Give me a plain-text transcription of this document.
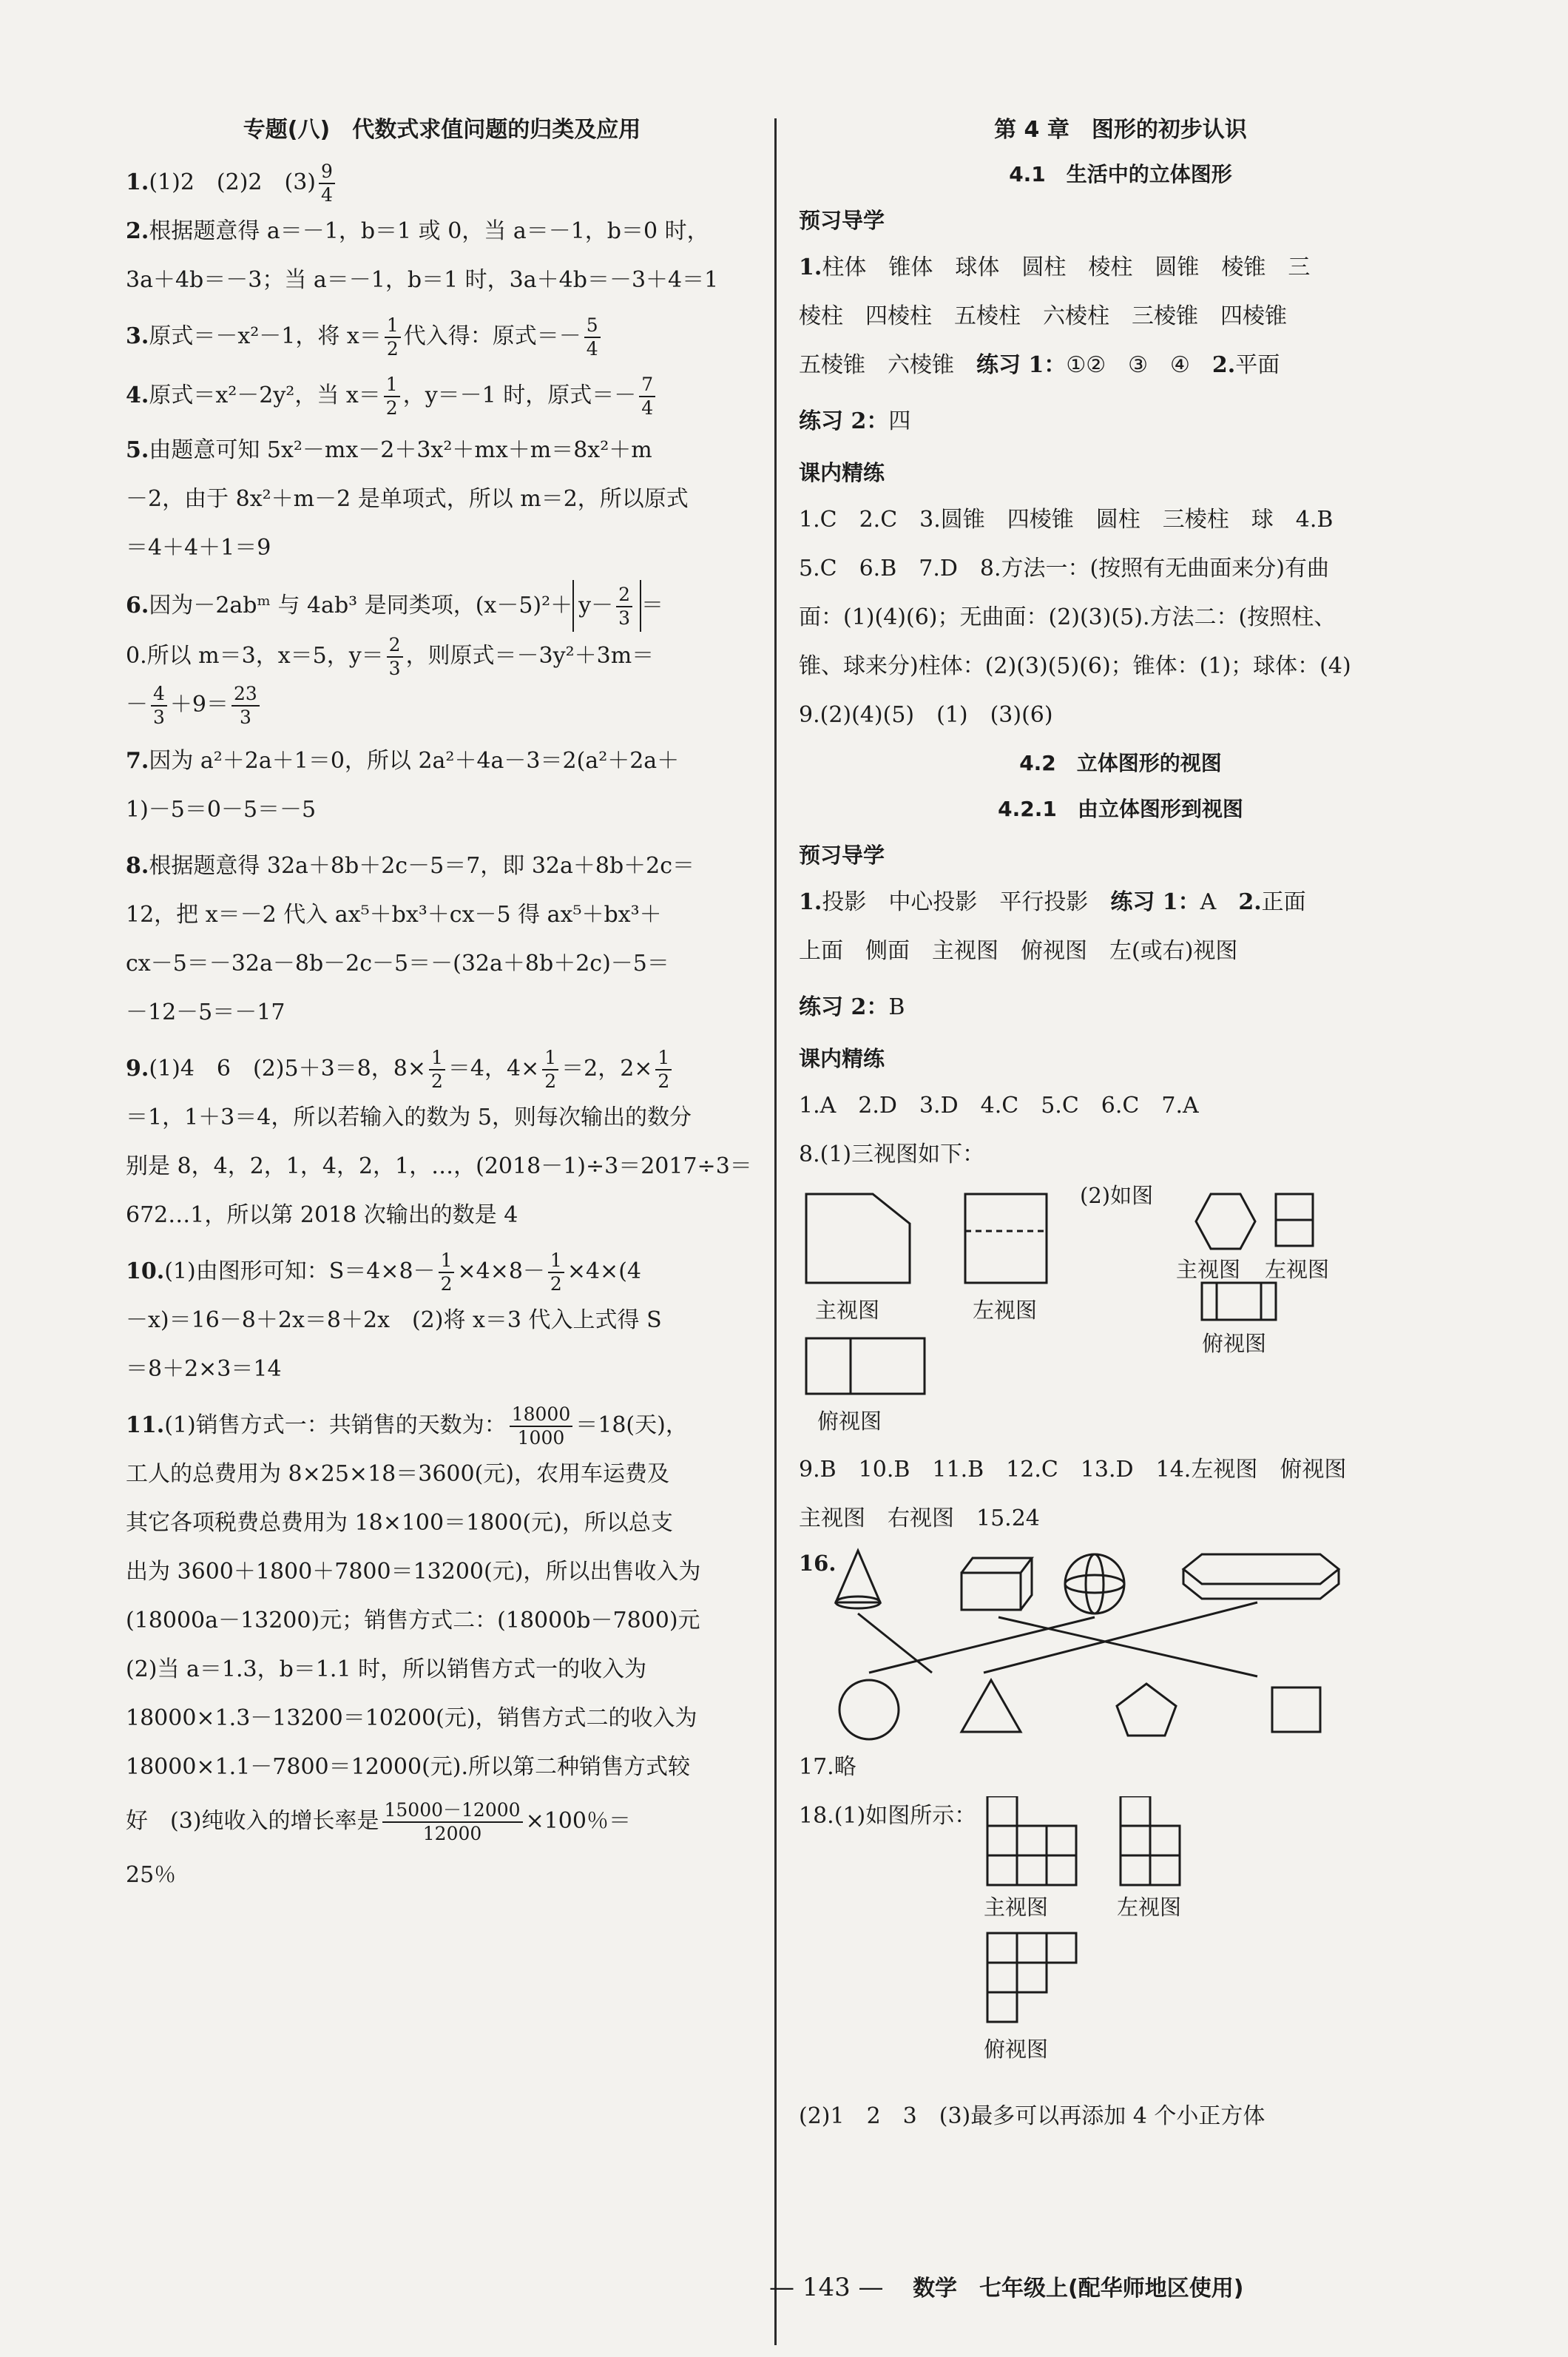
专题(八)　代数式求值问题的归类及应用
1.(1)2　(2)2　$(3) \frac{9}{4}$
2.根据题意得 a＝－1，b＝1 或 0，当 a＝－1，b＝0 时，
3a＋4b＝－3；当 a＝－1，b＝1 时，3a＋4b＝－3＋4＝1
3.原式＝－x²－1，将 $x= \frac{1}{2}$ 代入得：原式＝－ $\frac{5}{4}$
4.原式＝x²－2y²，当 $x= \frac{1}{2}$ ，y＝－1 时，原式＝－ $\frac{7}{4}$
5.由题意可知 5x²－mx－2＋3x²＋mx＋m＝8x²＋m
－2，由于 8x²＋m－2 是单项式，所以 m＝2，所以原式
＝4＋4＋1＝9
6.因为－2abᵐ 与 4ab³ 是同类项，$(x-5)^2+ y- \frac{2}{3}$ ＝
0.所以 m＝3，x＝5，$y= \frac{2}{3}$ ，则原式＝－3y²＋3m＝
－ $\frac{4}{3} +9= \frac{23}{3}$
7.因为 a²＋2a＋1＝0，所以 2a²＋4a－3＝2(a²＋2a＋
1)－5＝0－5＝－5
8.根据题意得 32a＋8b＋2c－5＝7，即 32a＋8b＋2c＝
12，把 x＝－2 代入 ax⁵＋bx³＋cx－5 得 ax⁵＋bx³＋
cx－5＝－32a－8b－2c－5＝－(32a＋8b＋2c)－5＝
－12－5＝－17
9.(1)4　6　(2)5＋3＝8，$8\times \frac{1}{2} =4$，$4\times \frac{1}{2} =2$，$2\times \frac{1}{2}$
＝1，1＋3＝4，所以若输入的数为 5，则每次输出的数分
别是 8，4，2，1，4，2，1，…，(2018－1)÷3＝2017÷3＝
672…1，所以第 2018 次输出的数是 4
10.(1)由图形可知：$S=4\times 8- \frac{1}{2} \times 4\times 8- \frac{1}{2} \times 4\times(4$
－x)＝16－8＋2x＝8＋2x　(2)将 x＝3 代入上式得 S
＝8＋2×3＝14
11.(1)销售方式一：共销售的天数为： $\frac{18000}{1000} =18$(天)，
工人的总费用为 8×25×18＝3600(元)，农用车运费及
其它各项税费总费用为 18×100＝1800(元)，所以总支
出为 3600＋1800＋7800＝13200(元)，所以出售收入为
(18000a－13200)元；销售方式二：(18000b－7800)元
(2)当 a＝1.3，b＝1.1 时，所以销售方式一的收入为
18000×1.3－13200＝10200(元)，销售方式二的收入为
18000×1.1－7800＝12000(元).所以第二种销售方式较
好　(3)纯收入的增长率是 $\frac{15000-12000}{12000} \times 100$％＝
25％
第 4 章　图形的初步认识
4.1　生活中的立体图形
预习导学
1.柱体　锥体　球体　圆柱　棱柱　圆锥　棱锥　三
棱柱　四棱柱　五棱柱　六棱柱　三棱锥　四棱锥
五棱锥　六棱锥　练习 1：①②　③　④　2.平面
练习 2：四
课内精练
1.C　2.C　3.圆锥　四棱锥　圆柱　三棱柱　球　4.B
5.C　6.B　7.D　8.方法一：(按照有无曲面来分)有曲
面：(1)(4)(6)；无曲面：(2)(3)(5).方法二：(按照柱、
锥、球来分)柱体：(2)(3)(5)(6)；锥体：(1)；球体：(4)
9.(2)(4)(5)　(1)　(3)(6)
4.2　立体图形的视图
4.2.1　由立体图形到视图
预习导学
1.投影　中心投影　平行投影　练习 1：A　2.正面
上面　侧面　主视图　俯视图　左(或右)视图
练习 2：B
课内精练
1.A　2.D　3.D　4.C　5.C　6.C　7.A
8.(1)三视图如下：
主视图	左视图
俯视图
(2)如图
主视图 左视图
俯视图
9.B　10.B　11.B　12.C　13.D　14.左视图　俯视图
主视图　右视图　15.24
16.
17.略
18.(1)如图所示：
主视图	左视图
俯视图
(2)1　2　3　(3)最多可以再添加 4 个小正方体
— 143 — 数学　七年级上(配华师地区使用)
